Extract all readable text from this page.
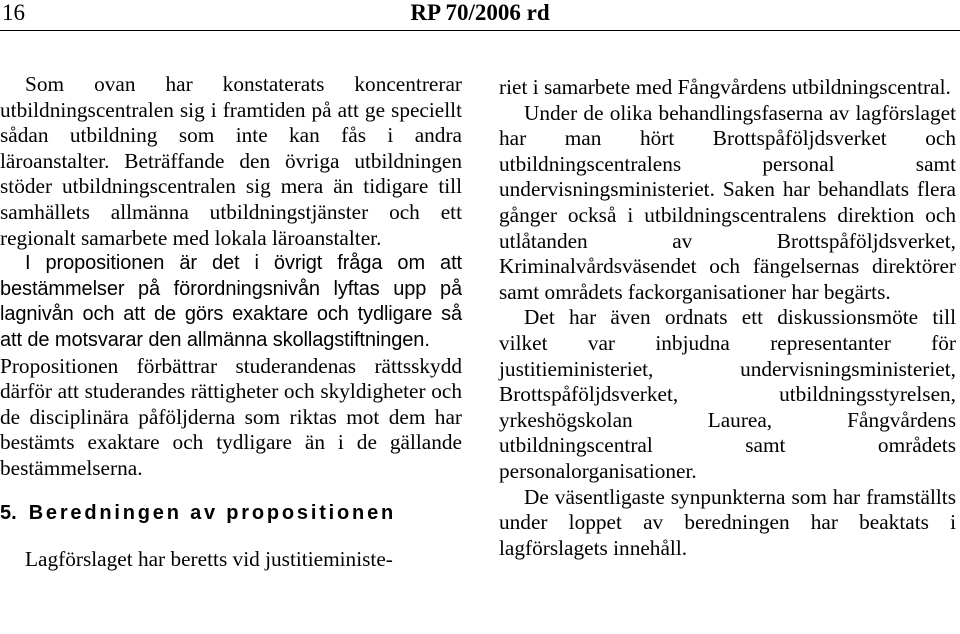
16	RP 70/2006 rd

Som ovan har konstaterats koncentrerar utbildningscentralen sig i framtiden på att ge speciellt sådan utbildning som inte kan fås i andra läroanstalter. Beträffande den övriga utbildningen stöder utbildningscentralen sig mera än tidigare till samhällets allmänna utbildningstjänster och ett regionalt samarbete med lokala läroanstalter.

I propositionen är det i övrigt fråga om att bestämmelser på förordningsnivån lyftas upp på lagnivån och att de görs exaktare och tydligare så att de motsvarar den allmänna skollagstiftningen.

Propositionen förbättrar studerandenas rättsskydd därför att studerandes rättigheter och skyldigheter och de disciplinära påföljderna som riktas mot dem har bestämts exaktare och tydligare än i de gällande bestämmelserna.

5. Beredningen av propositionen

Lagförslaget har beretts vid justitieministe-

riet i samarbete med Fångvårdens utbildningscentral.

Under de olika behandlingsfaserna av lagförslaget har man hört Brottspåföljdsverket och utbildningscentralens personal samt undervisningsministeriet. Saken har behandlats flera gånger också i utbildningscentralens direktion och utlåtanden av Brottspåföljdsverket, Kriminalvårdsväsendet och fängelsernas direktörer samt områdets fackorganisationer har begärts.

Det har även ordnats ett diskussionsmöte till vilket var inbjudna representanter för justitieministeriet, undervisningsministeriet, Brottspåföljdsverket, utbildningsstyrelsen, yrkeshögskolan Laurea, Fångvårdens utbildningscentral samt områdets personalorganisationer.

De väsentligaste synpunkterna som har framställts under loppet av beredningen har beaktats i lagförslagets innehåll.
